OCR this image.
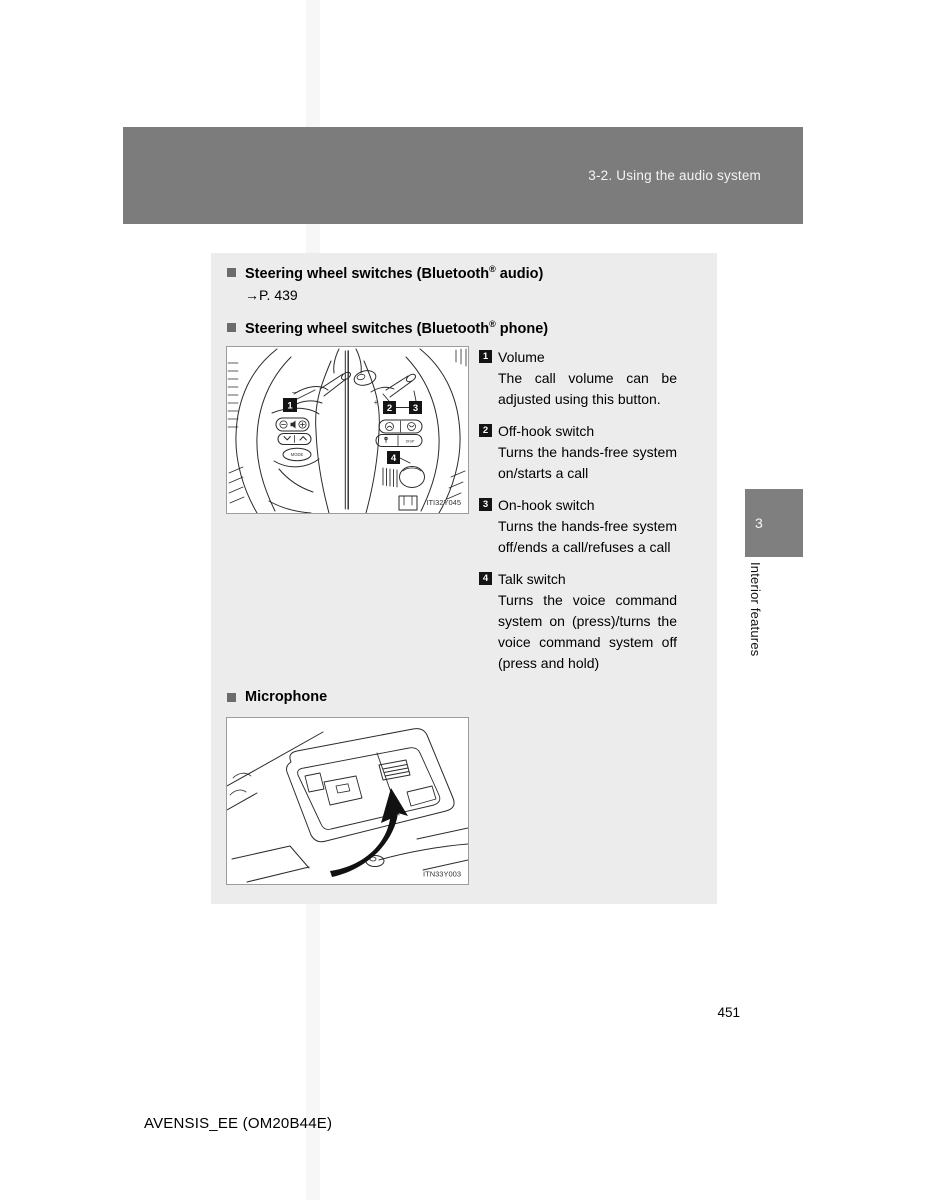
3-2. Using the audio system
Steering wheel switches (Bluetooth® audio)
→P. 439
Steering wheel switches (Bluetooth® phone)
1	2 3
4
−
+
MODE
DISP
ITI32Y045
1 Volume
The call volume can be adjusted using this button.
2 Off-hook switch
Turns the hands-free system on/starts a call
3 On-hook switch
Turns the hands-free system off/ends a call/refuses a call
4 Talk switch
Turns the voice command system on (press)/turns the voice command system off (press and hold)
Microphone
ITN33Y003
3
Interior features
451
AVENSIS_EE (OM20B44E)
